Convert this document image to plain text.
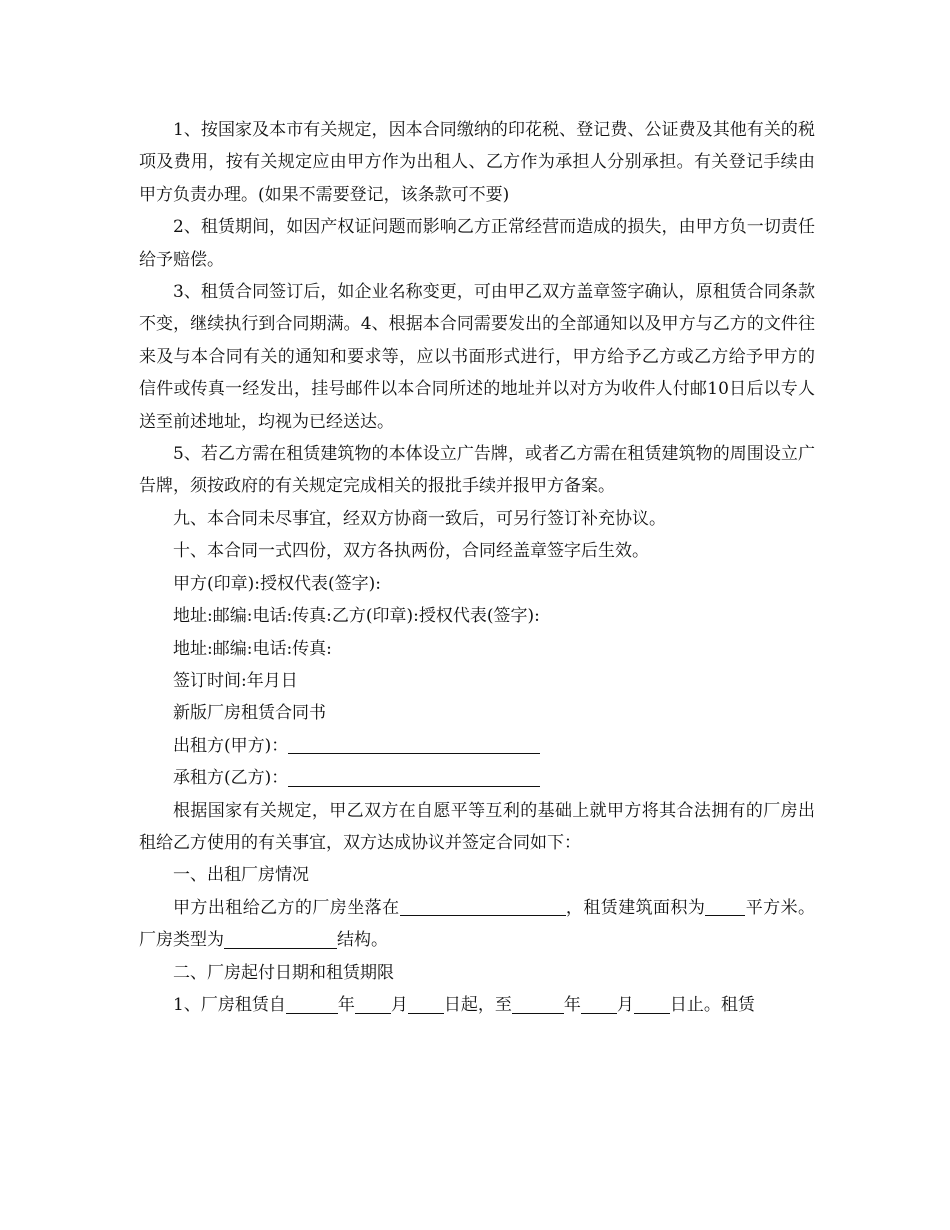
1、按国家及本市有关规定，因本合同缴纳的印花税、登记费、公证费及其他有关的税项及费用，按有关规定应由甲方作为出租人、乙方作为承担人分别承担。有关登记手续由甲方负责办理。(如果不需要登记，该条款可不要)

2、租赁期间，如因产权证问题而影响乙方正常经营而造成的损失，由甲方负一切责任给予赔偿。

3、租赁合同签订后，如企业名称变更，可由甲乙双方盖章签字确认，原租赁合同条款不变，继续执行到合同期满。4、根据本合同需要发出的全部通知以及甲方与乙方的文件往来及与本合同有关的通知和要求等，应以书面形式进行，甲方给予乙方或乙方给予甲方的信件或传真一经发出，挂号邮件以本合同所述的地址并以对方为收件人付邮10日后以专人送至前述地址，均视为已经送达。

5、若乙方需在租赁建筑物的本体设立广告牌，或者乙方需在租赁建筑物的周围设立广告牌，须按政府的有关规定完成相关的报批手续并报甲方备案。

九、本合同未尽事宜，经双方协商一致后，可另行签订补充协议。

十、本合同一式四份，双方各执两份，合同经盖章签字后生效。

甲方(印章):授权代表(签字):

地址:邮编:电话:传真:乙方(印章):授权代表(签字):

地址:邮编:电话:传真:

签订时间:年月日

新版厂房租赁合同书

出租方(甲方)：

承租方(乙方)：

根据国家有关规定，甲乙双方在自愿平等互利的基础上就甲方将其合法拥有的厂房出租给乙方使用的有关事宜，双方达成协议并签定合同如下：

一、出租厂房情况

甲方出租给乙方的厂房坐落在	，租赁建筑面积为 平方米。厂房类型为	结构。

二、厂房起付日期和租赁期限

1、厂房租赁自	年 月 日起，至	年 月 日止。租赁
